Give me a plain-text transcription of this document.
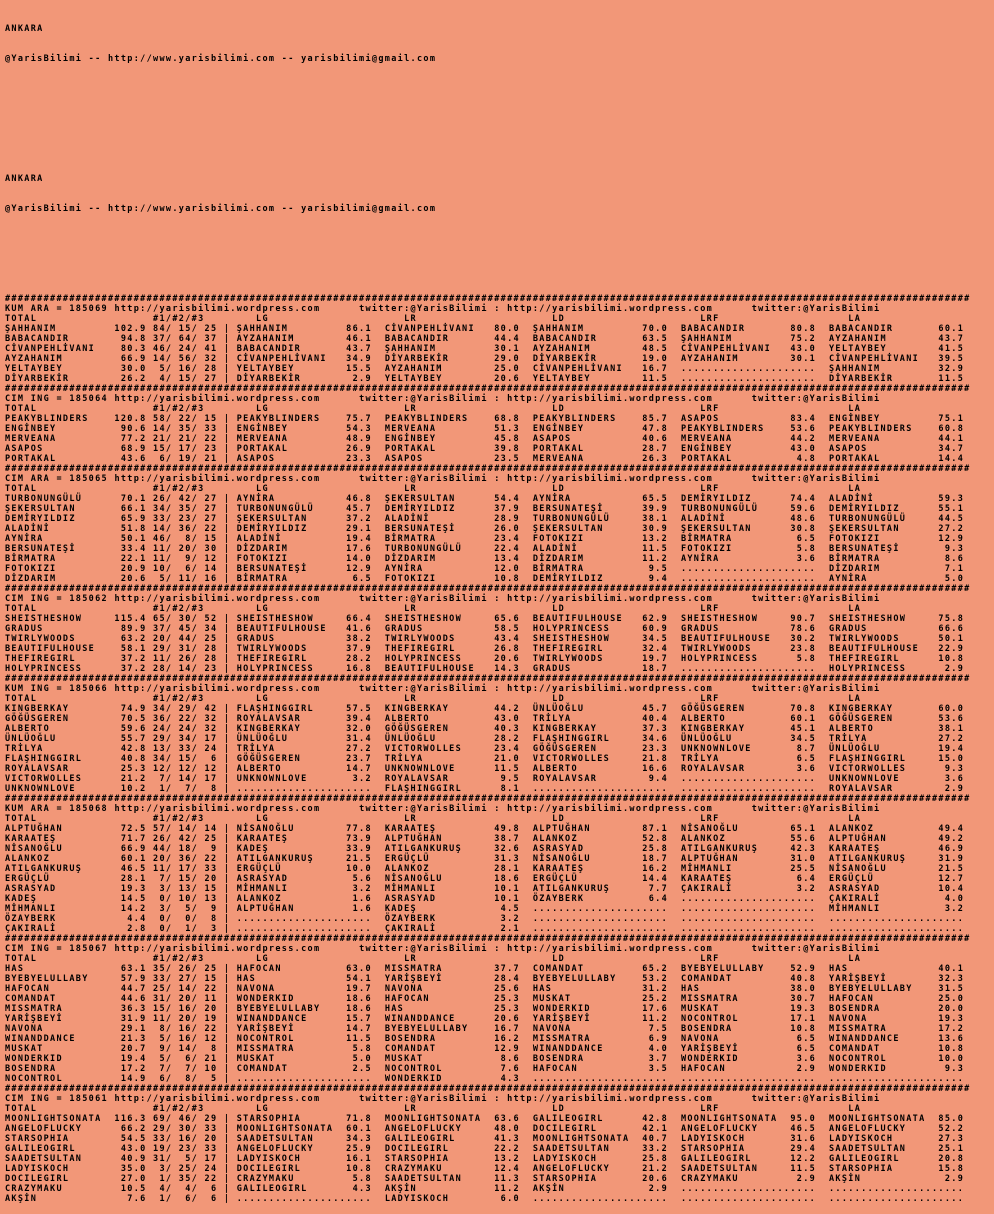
ANKARA

@YarisBilimi -- http://www.yarisbilimi.com -- yarisbilimi@gmail.com

ANKARA

@YarisBilimi -- http://www.yarisbilimi.com -- yarisbilimi@gmail.com

######################################################################################################################################################
KUM ARA = 185069 http://yarisbilimi.wordpress.com	twitter:@YarisBilimi : http://yarisbilimi.wordpress.com	twitter:@YarisBilimi
TOTAL                  #1/#2/#3        LG                     LR                     LD                     LRF                    LA
ŞAHHANIM         102.9 84/ 15/ 25 | ŞAHHANIM         86.1  CİVANPEHLİVANI   80.0  ŞAHHANIM         70.0  BABACANDIR       80.8  BABACANDIR       60.1
BABACANDIR        94.8 37/ 64/ 37 | AYZAHANIM        46.1  BABACANDIR       44.4  BABACANDIR       63.5  ŞAHHANIM         75.2  AYZAHANIM        43.7
CİVANPEHLİVANI    80.3 46/ 24/ 41 | BABACANDIR       43.7  ŞAHHANIM         30.1  AYZAHANIM        48.5  CİVANPEHLİVANI   43.0  YELTAYBEY        41.5
AYZAHANIM         66.9 14/ 56/ 32 | CİVANPEHLİVANI   34.9  DİYARBEKİR       29.0  DİYARBEKİR       19.0  AYZAHANIM        30.1  CİVANPEHLİVANI   39.5
YELTAYBEY         30.0  5/ 16/ 28 | YELTAYBEY        15.5  AYZAHANIM        25.0  CİVANPEHLİVANI   16.7  .....................  ŞAHHANIM         32.9
DİYARBEKİR        26.2  4/ 15/ 27 | DİYARBEKİR        2.9  YELTAYBEY        20.6  YELTAYBEY        11.5  .....................  DİYARBEKİR       11.5
######################################################################################################################################################
CIM ING = 185064 http://yarisbilimi.wordpress.com	twitter:@YarisBilimi : http://yarisbilimi.wordpress.com	twitter:@YarisBilimi
TOTAL                  #1/#2/#3        LG                     LR                     LD                     LRF                    LA
PEAKYBLINDERS    120.8 58/ 22/ 15 | PEAKYBLINDERS    75.7  PEAKYBLINDERS    68.8  PEAKYBLINDERS    85.7  ASAPOS           83.4  ENGİNBEY         75.1
ENGİNBEY          90.6 14/ 35/ 33 | ENGİNBEY         54.3  MERVEANA         51.3  ENGİNBEY         47.8  PEAKYBLINDERS    53.6  PEAKYBLINDERS    60.8
MERVEANA          77.2 21/ 21/ 22 | MERVEANA         48.9  ENGİNBEY         45.8  ASAPOS           40.6  MERVEANA         44.2  MERVEANA         44.1
ASAPOS            68.9 15/ 17/ 23 | PORTAKAL         26.9  PORTAKAL         39.8  PORTAKAL         28.7  ENGİNBEY         43.0  ASAPOS           34.7
PORTAKAL          43.6  6/ 19/ 21 | ASAPOS           23.3  ASAPOS           23.5  MERVEANA         26.3  PORTAKAL          4.8  PORTAKAL         14.4
######################################################################################################################################################
CIM ARA = 185065 http://yarisbilimi.wordpress.com	twitter:@YarisBilimi : http://yarisbilimi.wordpress.com	twitter:@YarisBilimi
TOTAL                  #1/#2/#3        LG                     LR                     LD                     LRF                    LA
TURBONUNGÜLÜ      70.1 26/ 42/ 27 | AYNİRA           46.8  ŞEKERSULTAN      54.4  AYNİRA           65.5  DEMİRYILDIZ      74.4  ALADİNİ          59.3
ŞEKERSULTAN       66.1 34/ 35/ 27 | TURBONUNGÜLÜ     45.7  DEMİRYILDIZ      37.9  BERSUNATEŞİ      39.9  TURBONUNGÜLÜ     59.6  DEMİRYILDIZ      55.1
DEMİRYILDIZ       65.9 33/ 23/ 27 | ŞEKERSULTAN      37.2  ALADİNİ          28.9  TURBONUNGÜLÜ     38.1  ALADİNİ          48.6  TURBONUNGÜLÜ     44.5
ALADİNİ           51.8 14/ 36/ 22 | DEMİRYILDIZ      29.1  BERSUNATEŞİ      26.0  ŞEKERSULTAN      30.9  ŞEKERSULTAN      30.8  ŞEKERSULTAN      27.2
AYNİRA            50.1 46/  8/ 15 | ALADİNİ          19.4  BİRMATRA         23.4  FOTOKIZI         13.2  BİRMATRA          6.5  FOTOKIZI         12.9
BERSUNATEŞİ       33.4 11/ 20/ 30 | DİZDARIM         17.6  TURBONUNGÜLÜ     22.4  ALADİNİ          11.5  FOTOKIZI          5.8  BERSUNATEŞİ       9.3
BİRMATRA          22.1 11/  9/ 12 | FOTOKIZI         14.0  DİZDARIM         13.4  DİZDARIM         11.2  AYNİRA            3.6  BİRMATRA          8.6
FOTOKIZI          20.9 10/  6/ 14 | BERSUNATEŞİ      12.9  AYNİRA           12.0  BİRMATRA          9.5  .....................  DİZDARIM          7.1
DİZDARIM          20.6  5/ 11/ 16 | BİRMATRA          6.5  FOTOKIZI         10.8  DEMİRYILDIZ       9.4  .....................  AYNİRA            5.0
######################################################################################################################################################
CIM ING = 185062 http://yarisbilimi.wordpress.com	twitter:@YarisBilimi : http://yarisbilimi.wordpress.com	twitter:@YarisBilimi
TOTAL                  #1/#2/#3        LG                     LR                     LD                     LRF                    LA
SHEISTHESHOW     115.4 65/ 30/ 52 | SHEISTHESHOW     66.4  SHEISTHESHOW     65.6  BEAUTIFULHOUSE   62.9  SHEISTHESHOW     90.7  SHEISTHESHOW     75.8
GRADUS            89.9 37/ 45/ 34 | BEAUTIFULHOUSE   41.6  GRADUS           58.5  HOLYPRINCESS     60.9  GRADUS           78.6  GRADUS           66.6
TWIRLYWOODS       63.2 20/ 44/ 25 | GRADUS           38.2  TWIRLYWOODS      43.4  SHEISTHESHOW     34.5  BEAUTIFULHOUSE   30.2  TWIRLYWOODS      50.1
BEAUTIFULHOUSE    58.1 29/ 31/ 28 | TWIRLYWOODS      37.9  THEFIREGIRL      26.8  THEFIREGIRL      32.4  TWIRLYWOODS      23.8  BEAUTIFULHOUSE   22.9
THEFIREGIRL       37.2 11/ 26/ 28 | THEFIREGIRL      28.2  HOLYPRINCESS     20.6  TWIRLYWOODS      19.7  HOLYPRINCESS      5.8  THEFIREGIRL      10.8
HOLYPRINCESS      37.2 28/ 14/ 23 | HOLYPRINCESS     16.8  BEAUTIFULHOUSE   14.3  GRADUS           18.7  .....................  HOLYPRINCESS      2.9
######################################################################################################################################################
KUM ING = 185066 http://yarisbilimi.wordpress.com	twitter:@YarisBilimi : http://yarisbilimi.wordpress.com	twitter:@YarisBilimi
TOTAL                  #1/#2/#3        LG                     LR                     LD                     LRF                    LA
KINGBERKAY        74.9 34/ 29/ 42 | FLAŞHINGGIRL     57.5  KINGBERKAY       44.2  ÜNLÜOĞLU         45.7  GÖĞÜSGEREN       70.8  KINGBERKAY       60.0
GÖĞÜSGEREN        70.5 36/ 22/ 32 | ROYALAVSAR       39.4  ALBERTO          43.0  TRİLYA           40.4  ALBERTO          60.1  GÖĞÜSGEREN       53.6
ALBERTO           59.6 24/ 24/ 32 | KINGBERKAY       32.0  GÖĞÜSGEREN       40.3  KINGBERKAY       37.3  KINGBERKAY       45.1  ALBERTO          38.1
ÜNLÜOĞLU          55.7 29/ 34/ 17 | ÜNLÜOĞLU         31.4  ÜNLÜOĞLU         28.2  FLAŞHINGGIRL     34.6  ÜNLÜOĞLU         34.5  TRİLYA           27.2
TRİLYA            42.8 13/ 33/ 24 | TRİLYA           27.2  VICTORWOLLES     23.4  GÖĞÜSGEREN       23.3  UNKNOWNLOVE       8.7  ÜNLÜOĞLU         19.4
FLAŞHINGGIRL      40.8 34/ 15/  6 | GÖĞÜSGEREN       23.7  TRİLYA           21.0  VICTORWOLLES     21.8  TRİLYA            6.5  FLAŞHINGGIRL     15.0
ROYALAVSAR        25.3 12/ 12/ 12 | ALBERTO          14.7  UNKNOWNLOVE      11.5  ALBERTO          16.6  ROYALAVSAR        3.6  VICTORWOLLES      9.3
VICTORWOLLES      21.2  7/ 14/ 17 | UNKNOWNLOVE       3.2  ROYALAVSAR        9.5  ROYALAVSAR        9.4  .....................  UNKNOWNLOVE       3.6
UNKNOWNLOVE       10.2  1/  7/  8 | .....................  FLAŞHINGGIRL      8.1  .....................  .....................  ROYALAVSAR        2.9
######################################################################################################################################################
KUM ARA = 185068 http://yarisbilimi.wordpress.com	twitter:@YarisBilimi : http://yarisbilimi.wordpress.com	twitter:@YarisBilimi
TOTAL                  #1/#2/#3        LG                     LR                     LD                     LRF                    LA
ALPTUĞHAN         72.5 57/ 14/ 14 | NİSANOĞLU        77.8  KARAATEŞ         49.8  ALPTUĞHAN        87.1  NİSANOĞLU        65.1  ALANKOZ          49.4
KARAATEŞ          71.7 26/ 42/ 25 | KARAATEŞ         73.9  ALPTUĞHAN        38.7  ALANKOZ          52.8  ALANKOZ          55.6  ALPTUĞHAN        49.2
NİSANOĞLU         66.9 44/ 18/  9 | KADEŞ            33.9  ATILGANKURUŞ     32.6  ASRASYAD         25.8  ATILGANKURUŞ     42.3  KARAATEŞ         46.9
ALANKOZ           60.1 20/ 36/ 22 | ATILGANKURUŞ     21.5  ERGÜÇLÜ          31.3  NİSANOĞLU        18.7  ALPTUĞHAN        31.0  ATILGANKURUŞ     31.9
ATILGANKURUŞ      46.5 11/ 17/ 33 | ERGÜÇLÜ          10.0  ALANKOZ          28.1  KARAATEŞ         16.2  MİHMANLI         25.5  NİSANOĞLU        21.5
ERGÜÇLÜ           28.1  7/ 15/ 20 | ASRASYAD          5.6  NİSANOĞLU        18.6  ERGÜÇLÜ          14.4  KARAATEŞ          6.4  ERGÜÇLÜ          12.7
ASRASYAD          19.3  3/ 13/ 15 | MİHMANLI          3.2  MİHMANLI         10.1  ATILGANKURUŞ      7.7  ÇAKIRALİ          3.2  ASRASYAD         10.4
KADEŞ             14.5  0/ 10/ 13 | ALANKOZ           1.6  ASRASYAD         10.1  ÖZAYBERK          6.4  .....................  ÇAKIRALİ          4.0
MİHMANLI          14.2  3/  5/  9 | ALPTUĞHAN         1.6  KADEŞ             4.5  .....................  .....................  MİHMANLI          3.2
ÖZAYBERK           4.4  0/  0/  8 | .....................  ÖZAYBERK          3.2  .....................  .....................  .....................
ÇAKIRALİ           2.8  0/  1/  3 | .....................  ÇAKIRALİ          2.1  .....................  .....................  .....................
######################################################################################################################################################
CIM ING = 185067 http://yarisbilimi.wordpress.com	twitter:@YarisBilimi : http://yarisbilimi.wordpress.com	twitter:@YarisBilimi
TOTAL                  #1/#2/#3        LG                     LR                     LD                     LRF                    LA
HAS               63.1 35/ 26/ 25 | HAFOCAN          63.0  MISSMATRA        37.7  COMANDAT         65.2  BYEBYELULLABY    52.9  HAS              40.1
BYEBYELULLABY     57.9 33/ 27/ 15 | HAS              54.1  YARİŞBEYİ        28.4  BYEBYELULLABY    53.2  COMANDAT         40.8  YARİŞBEYİ        32.3
HAFOCAN           44.7 25/ 14/ 22 | NAVONA           19.7  NAVONA           25.6  HAS              31.2  HAS              38.0  BYEBYELULLABY    31.5
COMANDAT          44.6 31/ 20/ 11 | WONDERKID        18.6  HAFOCAN          25.3  MUSKAT           25.2  MISSMATRA        30.7  HAFOCAN          25.0
MISSMATRA         36.3 15/ 16/ 20 | BYEBYELULLABY    18.6  HAS              25.3  WONDERKID        17.6  MUSKAT           19.3  BOSENDRA         20.0
YARİŞBEYİ         31.9 11/ 20/ 19 | WINANDDANCE      15.7  WINANDDANCE      20.6  YARİŞBEYİ        11.2  NOCONTROL        17.1  NAVONA           19.3
NAVONA            29.1  8/ 16/ 22 | YARİŞBEYİ        14.7  BYEBYELULLABY    16.7  NAVONA            7.5  BOSENDRA         10.8  MISSMATRA        17.2
WINANDDANCE       21.3  5/ 16/ 12 | NOCONTROL        11.5  BOSENDRA         16.2  MISSMATRA         6.9  NAVONA            6.5  WINANDDANCE      13.6
MUSKAT            20.7  9/ 14/  8 | MISSMATRA         5.8  COMANDAT         12.9  WINANDDANCE       4.0  YARİŞBEYİ         6.5  COMANDAT         10.8
WONDERKID         19.4  5/  6/ 21 | MUSKAT            5.0  MUSKAT            8.6  BOSENDRA          3.7  WONDERKID         3.6  NOCONTROL        10.0
BOSENDRA          17.2  7/  7/ 10 | COMANDAT          2.5  NOCONTROL         7.6  HAFOCAN           3.5  HAFOCAN           2.9  WONDERKID         9.3
NOCONTROL         14.9  6/  8/  5 | .....................  WONDERKID         4.3  .....................  .....................  .....................
######################################################################################################################################################
CIM ING = 185061 http://yarisbilimi.wordpress.com	twitter:@YarisBilimi : http://yarisbilimi.wordpress.com	twitter:@YarisBilimi
TOTAL                  #1/#2/#3        LG                     LR                     LD                     LRF                    LA
MOONLIGHTSONATA  116.3 69/ 46/ 29 | STARSOPHIA       71.8  MOONLIGHTSONATA  63.6  GALILEOGIRL      42.8  MOONLIGHTSONATA  95.0  MOONLIGHTSONATA  85.0
ANGELOFLUCKY      66.2 29/ 30/ 33 | MOONLIGHTSONATA  60.1  ANGELOFLUCKY     48.0  DOCILEGIRL       42.1  ANGELOFLUCKY     46.5  ANGELOFLUCKY     52.2
STARSOPHIA        54.5 33/ 16/ 20 | SAADETSULTAN     34.3  GALILEOGIRL      41.3  MOONLIGHTSONATA  40.7  LADYISKOCH       31.6  LADYISKOCH       27.3
GALILEOGIRL       43.0 19/ 23/ 33 | ANGELOFLUCKY     25.9  DOCILEGIRL       22.2  SAADETSULTAN     33.2  STARSOPHIA       29.4  SAADETSULTAN     25.1
SAADETSULTAN      40.9 31/  5/ 17 | LADYISKOCH       16.1  STARSOPHIA       13.2  LADYISKOCH       25.8  GALILEOGIRL      12.2  GALILEOGIRL      20.8
LADYISKOCH        35.0  3/ 25/ 24 | DOCILEGIRL       10.8  CRAZYMAKU        12.4  ANGELOFLUCKY     21.2  SAADETSULTAN     11.5  STARSOPHIA       15.8
DOCILEGIRL        27.0  1/ 35/ 22 | CRAZYMAKU         5.8  SAADETSULTAN     11.3  STARSOPHIA       20.6  CRAZYMAKU         2.9  AKŞİN             2.9
CRAZYMAKU         10.5  4/  4/  6 | GALILEOGIRL       4.3  AKŞİN            11.2  AKŞİN             2.9  .....................  .....................
AKŞİN              7.6  1/  6/  6 | .....................  LADYISKOCH        6.0  .....................  .....................  .....................
